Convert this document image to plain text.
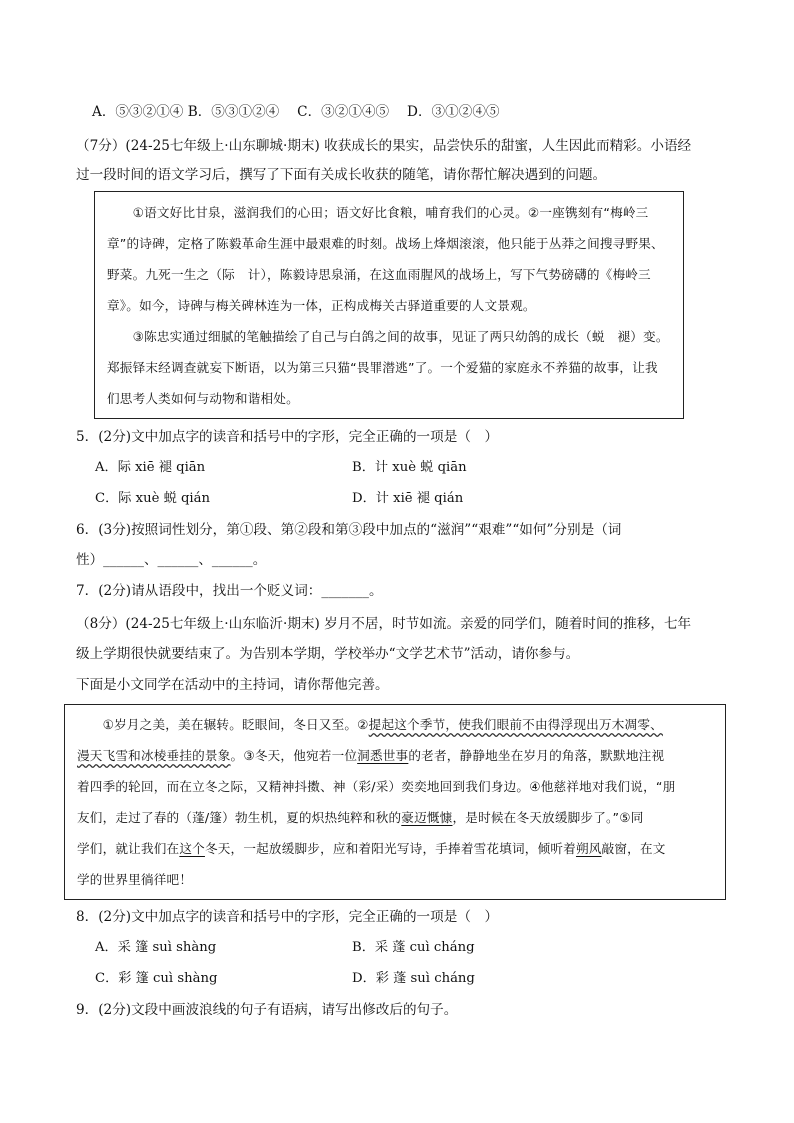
A．⑤③②①④ B．⑤③①②④　 C．③②①④⑤　 D．③①②④⑤
（7分）(24-25七年级上·山东聊城·期末) 收获成长的果实，品尝快乐的甜蜜，人生因此而精彩。小语经
过一段时间的语文学习后，撰写了下面有关成长收获的随笔，请你帮忙解决遇到的问题。
　　①语文好比甘泉，滋润我们的心田；语文好比食粮，哺育我们的心灵。②一座镌刻有“梅岭三
章”的诗碑，定格了陈毅革命生涯中最艰难的时刻。战场上烽烟滚滚，他只能于丛莽之间搜寻野果、
野菜。九死一生之（际　计），陈毅诗思泉涌，在这血雨腥风的战场上，写下气势磅礴的《梅岭三
章》。如今，诗碑与梅关碑林连为一体，正构成梅关古驿道重要的人文景观。
　　③陈忠实通过细腻的笔触描绘了自己与白鸽之间的故事，见证了两只幼鸽的成长（蜕　褪）变。
郑振铎末经调查就妄下断语，以为第三只猫“畏罪潜逃”了。一个爱猫的家庭永不养猫的故事，让我
们思考人类如何与动物和谐相处。
5．(2分)文中加点字的读音和括号中的字形，完全正确的一项是（　）
A．际 xiē 褪 qiān	B．计 xuè 蜕 qiān
C．际 xuè 蜕 qián	D．计 xiē 褪 qián
6．(3分)按照词性划分，第①段、第②段和第③段中加点的“滋润”“艰难”“如何”分别是（词
性）______、______、______。
7．(2分)请从语段中，找出一个贬义词：_______。
（8分）(24-25七年级上·山东临沂·期末) 岁月不居，时节如流。亲爱的同学们，随着时间的推移，七年
级上学期很快就要结束了。为告别本学期，学校举办“文学艺术节”活动，请你参与。
下面是小文同学在活动中的主持词，请你帮他完善。
　　①岁月之美，美在辗转。眨眼间，冬日又至。②提起这个季节，使我们眼前不由得浮现出万木凋零、
漫天飞雪和冰棱垂挂的景象。③冬天，他宛若一位洞悉世事的老者，静静地坐在岁月的角落，默默地注视
着四季的轮回，而在立冬之际，又精神抖擞、神（彩/采）奕奕地回到我们身边。④他慈祥地对我们说，“朋
友们，走过了春的（蓬/篷）勃生机，夏的炽热纯粹和秋的豪迈慨慷，是时候在冬天放缓脚步了。”⑤同
学们，就让我们在这个冬天，一起放缓脚步，应和着阳光写诗，手捧着雪花填词，倾听着朔风敲窗，在文
学的世界里徜徉吧！
8．(2分)文中加点字的读音和括号中的字形，完全正确的一项是（　）
A．采 篷 suì shàng	B．采 蓬 cuì cháng
C．彩 篷 cuì shàng	D．彩 蓬 suì cháng
9．(2分)文段中画波浪线的句子有语病，请写出修改后的句子。
